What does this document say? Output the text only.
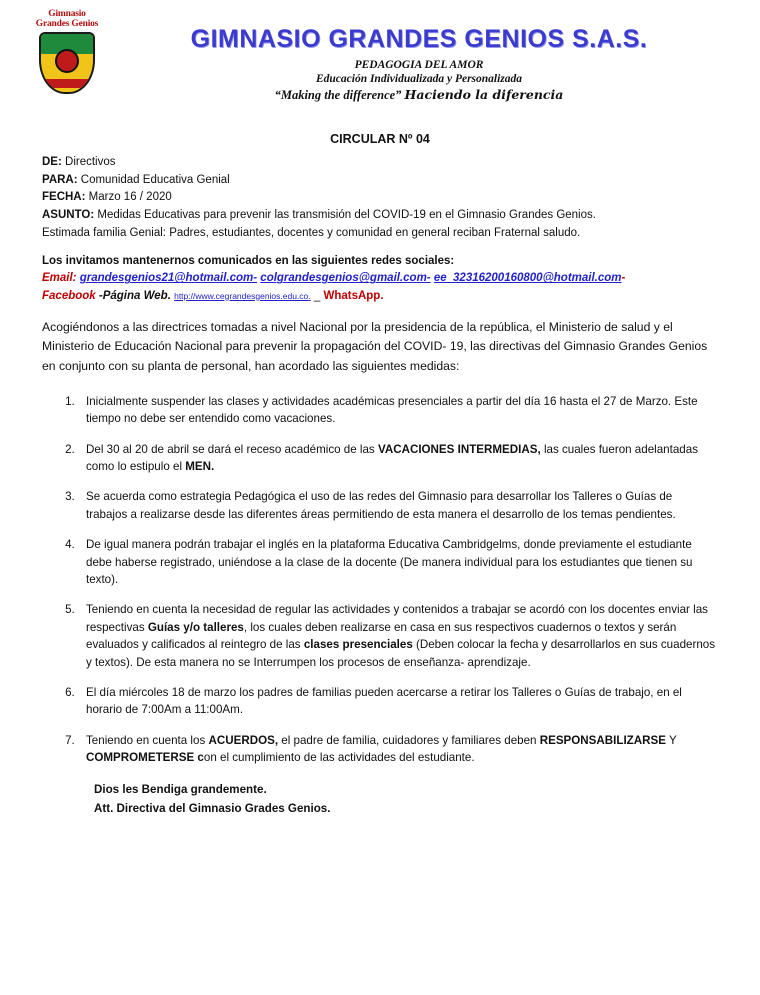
Gimnasio
Grandes Genios
GIMNASIO GRANDES GENIOS S.A.S.
PEDAGOGIA DEL AMOR
Educación Individualizada y Personalizada
“Making the difference” Haciendo la diferencia
CIRCULAR Nº 04
DE: Directivos
PARA: Comunidad Educativa Genial
FECHA: Marzo 16 / 2020
ASUNTO: Medidas Educativas para prevenir las transmisión del COVID-19 en el Gimnasio Grandes Genios.
Estimada familia Genial: Padres, estudiantes, docentes y comunidad en general reciban Fraternal saludo.
Los invitamos mantenernos comunicados en las siguientes redes sociales:
Email: grandesgenios21@hotmail.com- colgrandesgenios@gmail.com- ee_32316200160800@hotmail.com-
Facebook -Página Web. http://www.cegrandesgenios.edu.co. _ WhatsApp.
Acogiéndonos a las directrices tomadas a nivel Nacional por la presidencia de la república, el Ministerio de salud y el Ministerio de Educación Nacional para prevenir la propagación del COVID- 19, las directivas del Gimnasio Grandes Genios en conjunto con su planta de personal, han acordado las siguientes medidas:
1. Inicialmente suspender las clases y actividades académicas presenciales a partir del día 16 hasta el 27 de Marzo. Este tiempo no debe ser entendido como vacaciones.
2. Del 30 al 20 de abril se dará el receso académico de las VACACIONES INTERMEDIAS, las cuales fueron adelantadas como lo estipulo el MEN.
3. Se acuerda como estrategia Pedagógica el uso de las redes del Gimnasio para desarrollar los Talleres o Guías de trabajos a realizarse desde las diferentes áreas permitiendo de esta manera el desarrollo de los temas pendientes.
4. De igual manera podrán trabajar el inglés en la plataforma Educativa Cambridgelms, donde previamente el estudiante debe haberse registrado, uniéndose a la clase de la docente (De manera individual para los estudiantes que tienen su texto).
5. Teniendo en cuenta la necesidad de regular las actividades y contenidos a trabajar se acordó con los docentes enviar las respectivas Guías y/o talleres, los cuales deben realizarse en casa en sus respectivos cuadernos o textos y serán evaluados y calificados al reintegro de las clases presenciales (Deben colocar la fecha y desarrollarlos en sus cuadernos y textos). De esta manera no se Interrumpen los procesos de enseñanza- aprendizaje.
6. El día miércoles 18 de marzo los padres de familias pueden acercarse a retirar los Talleres o Guías de trabajo, en el horario de 7:00Am a 11:00Am.
7. Teniendo en cuenta los ACUERDOS, el padre de familia, cuidadores y familiares deben RESPONSABILIZARSE Y COMPROMETERSE con el cumplimiento de las actividades del estudiante.
Dios les Bendiga grandemente.
Att. Directiva del Gimnasio Grades Genios.
